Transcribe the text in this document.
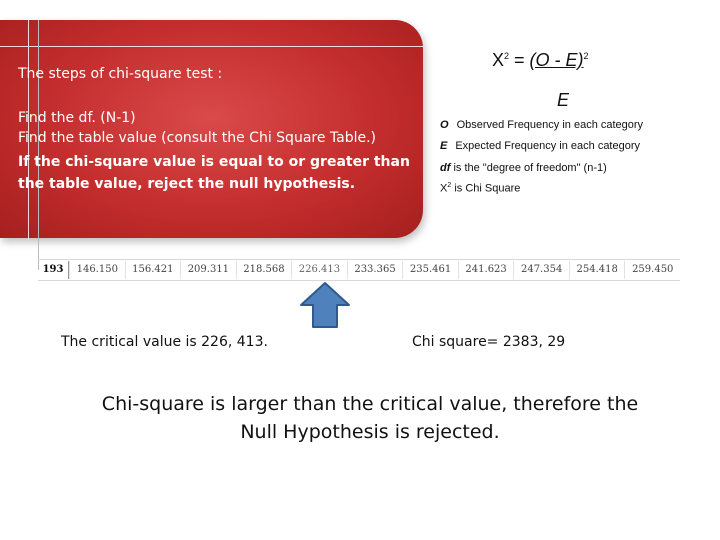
The steps of chi-square test :
Find the df. (N-1)
Find the table value (consult the Chi Square Table.)
If the chi-square value is equal to or greater than
the table value, reject the null hypothesis.
$X^2 = (O - E)^2$
E
O Observed Frequency in each category
E Expected Frequency in each category
df is the "degree of freedom" (n-1)
$X^2$ is Chi Square
193	146.150	156.421	209.311	218.568	226.413	233.365	235.461	241.623	247.354	254.418	259.450
The critical value is 226, 413.	Chi square= 2383, 29
Chi-square is larger than the critical value, therefore the
Null Hypothesis is rejected.
